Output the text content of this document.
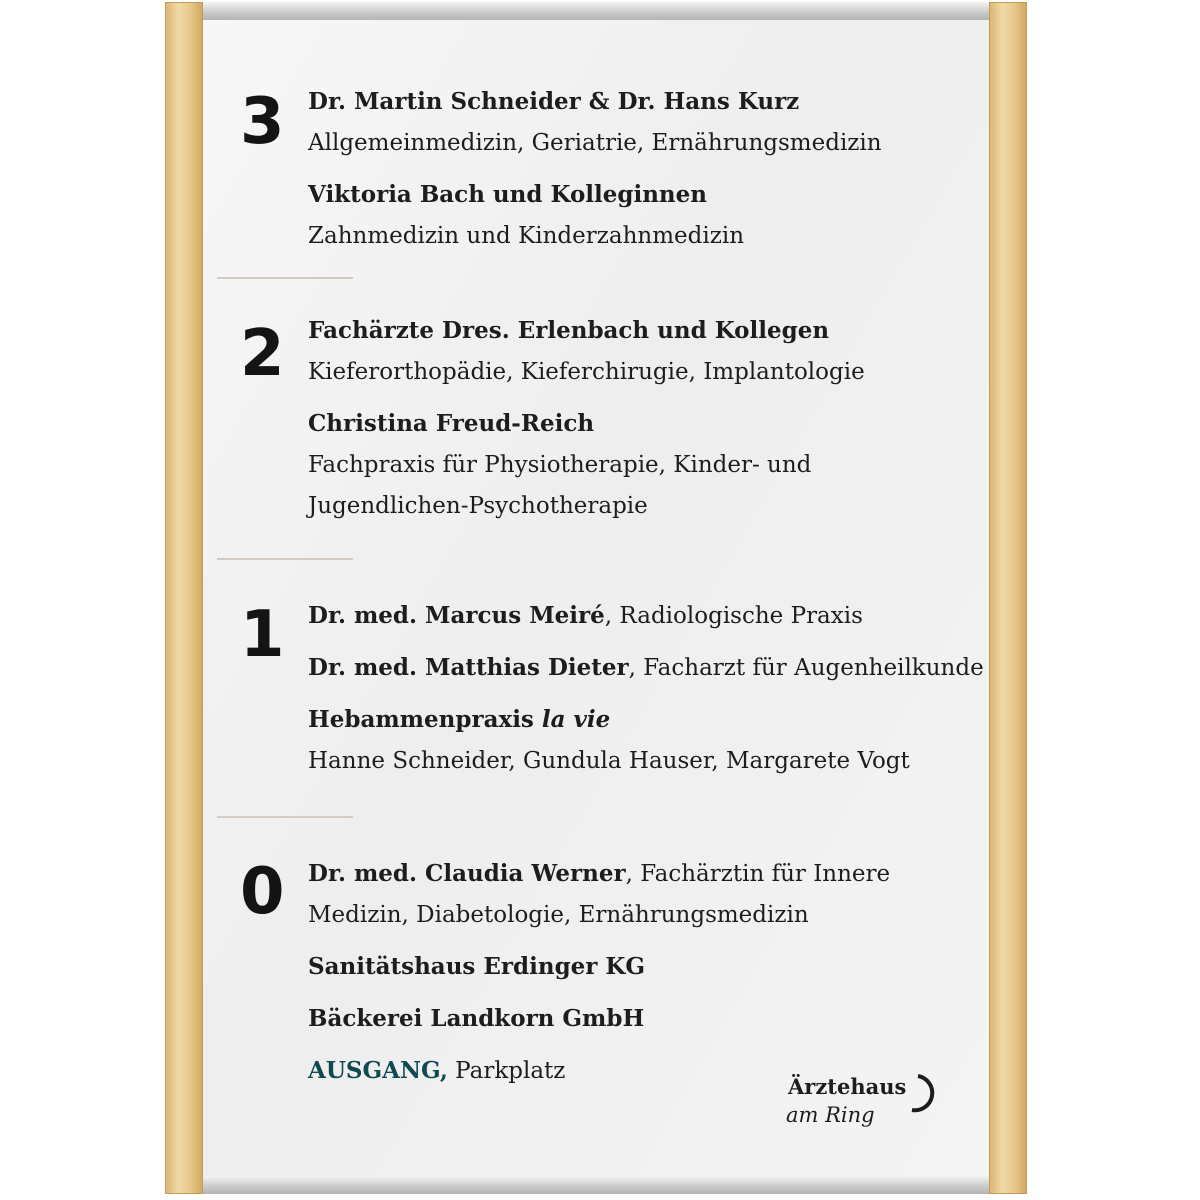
3	Dr. Martin Schneider & Dr. Hans Kurz
Allgemeinmedizin, Geriatrie, Ernährungsmedizin
Viktoria Bach und Kolleginnen
Zahnmedizin und Kinderzahnmedizin
2	Fachärzte Dres. Erlenbach und Kollegen
Kieferorthopädie, Kieferchirugie, Implantologie
Christina Freud-Reich
Fachpraxis für Physiotherapie, Kinder- und
Jugendlichen-Psychotherapie
1	Dr. med. Marcus Meiré, Radiologische Praxis
Dr. med. Matthias Dieter, Facharzt für Augenheilkunde
Hebammenpraxis la vie
Hanne Schneider, Gundula Hauser, Margarete Vogt
0	Dr. med. Claudia Werner, Fachärztin für Innere
Medizin, Diabetologie, Ernährungsmedizin
Sanitätshaus Erdinger KG
Bäckerei Landkorn GmbH
AUSGANG, Parkplatz
Ärztehaus
am Ring
